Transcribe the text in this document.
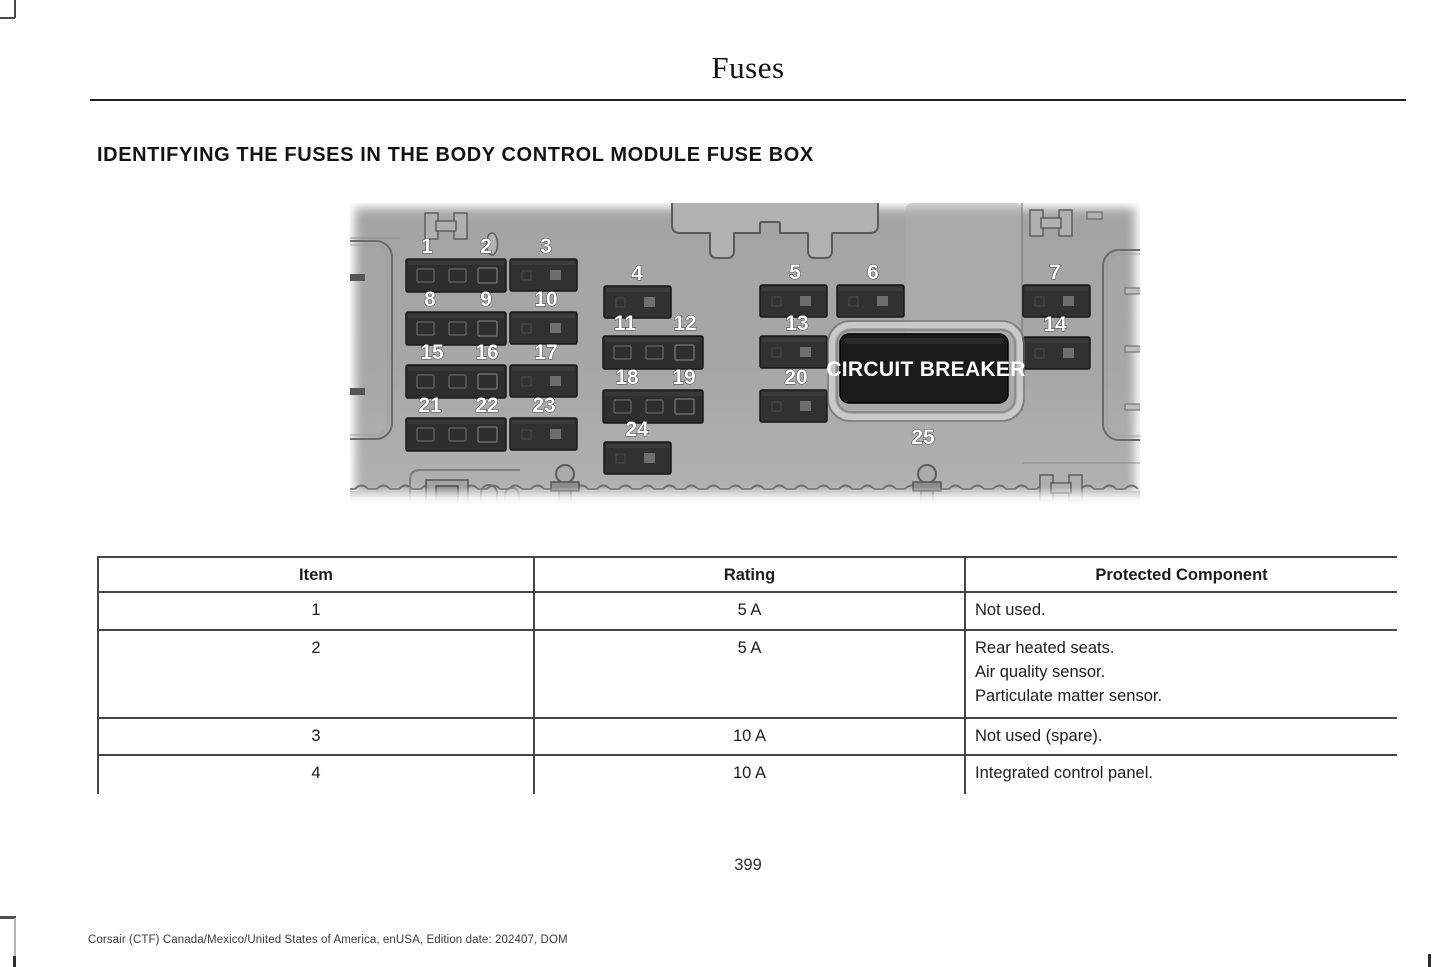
Fuses
IDENTIFYING THE FUSES IN THE BODY CONTROL MODULE FUSE BOX
CIRCUIT BREAKER
1 2 3
4	5	6	7
8 9 10
11 12	13	14
15 16 17
18 19	20
21 22 23
24	25
Item	Rating	Protected Component
1	5 A	Not used.

2	5 A	Rear heated seats.
Air quality sensor.
Particulate matter sensor.

3	10 A	Not used (spare).

4	10 A	Integrated control panel.
399
Corsair (CTF) Canada/Mexico/United States of America, enUSA, Edition date: 202407, DOM
